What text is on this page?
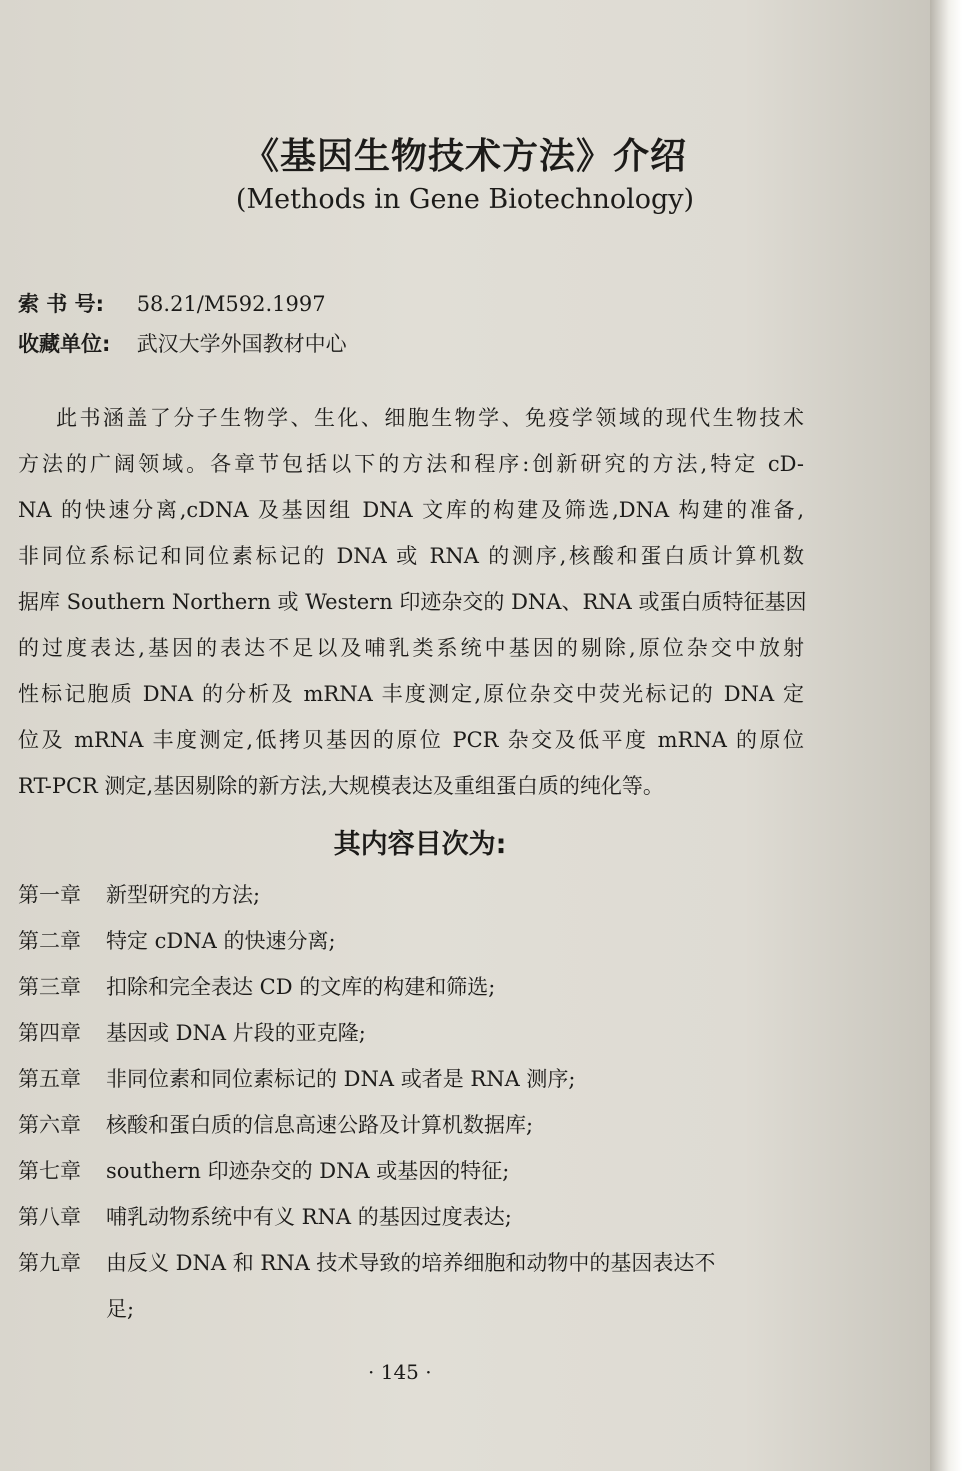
《基因生物技术方法》介绍
(Methods in Gene Biotechnology)
索 书 号: 58.21/M592.1997
收藏单位: 武汉大学外国教材中心

此书涵盖了分子生物学、生化、细胞生物学、免疫学领域的现代生物技术
方法的广阔领域。各章节包括以下的方法和程序:创新研究的方法,特定 cD-
NA 的快速分离,cDNA 及基因组 DNA 文库的构建及筛选,DNA 构建的准备,
非同位系标记和同位素标记的 DNA 或 RNA 的测序,核酸和蛋白质计算机数
据库 Southern Northern 或 Western 印迹杂交的 DNA、RNA 或蛋白质特征基因
的过度表达,基因的表达不足以及哺乳类系统中基因的剔除,原位杂交中放射
性标记胞质 DNA 的分析及 mRNA 丰度测定,原位杂交中荧光标记的 DNA 定
位及 mRNA 丰度测定,低拷贝基因的原位 PCR 杂交及低平度 mRNA 的原位
RT-PCR 测定,基因剔除的新方法,大规模表达及重组蛋白质的纯化等。

其内容目次为:
第一章 新型研究的方法;
第二章 特定 cDNA 的快速分离;
第三章 扣除和完全表达 CD 的文库的构建和筛选;
第四章 基因或 DNA 片段的亚克隆;
第五章 非同位素和同位素标记的 DNA 或者是 RNA 测序;
第六章 核酸和蛋白质的信息高速公路及计算机数据库;
第七章 southern 印迹杂交的 DNA 或基因的特征;
第八章 哺乳动物系统中有义 RNA 的基因过度表达;
第九章 由反义 DNA 和 RNA 技术导致的培养细胞和动物中的基因表达不
足;
· 145 ·
